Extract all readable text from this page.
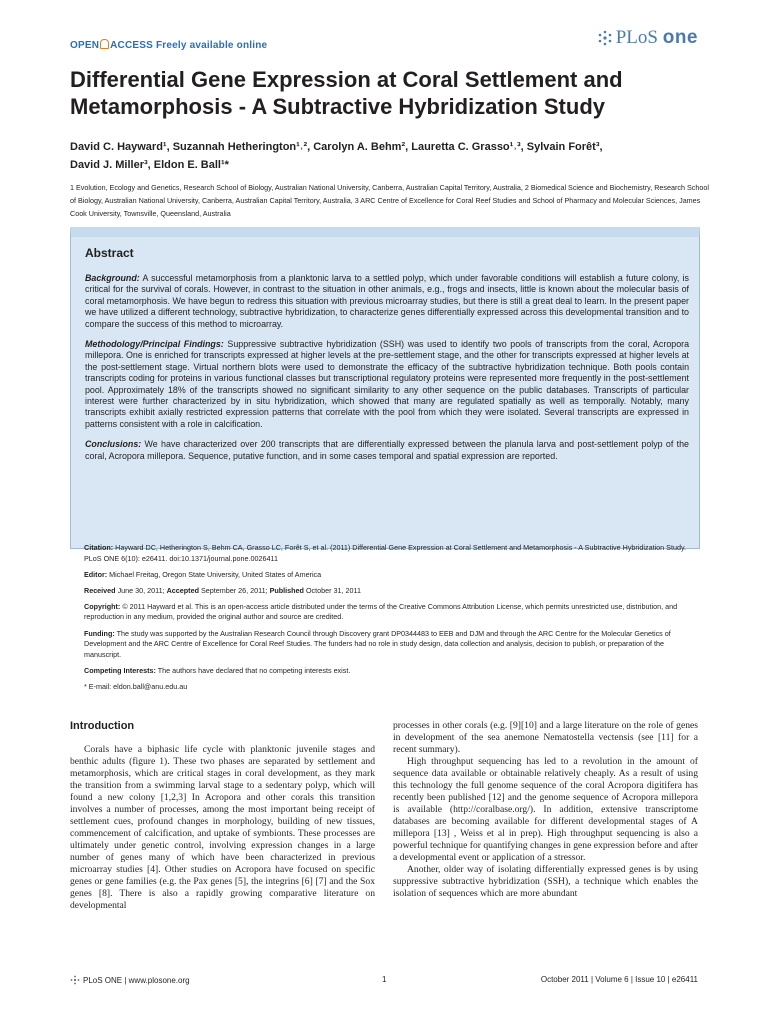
OPEN ACCESS Freely available online	PLoS one
Differential Gene Expression at Coral Settlement and Metamorphosis - A Subtractive Hybridization Study
David C. Hayward¹, Suzannah Hetherington¹˒², Carolyn A. Behm², Lauretta C. Grasso¹˒³, Sylvain Forêt³,
David J. Miller³, Eldon E. Ball¹*
1 Evolution, Ecology and Genetics, Research School of Biology, Australian National University, Canberra, Australian Capital Territory, Australia, 2 Biomedical Science and Biochemistry, Research School of Biology, Australian National University, Canberra, Australian Capital Territory, Australia, 3 ARC Centre of Excellence for Coral Reef Studies and School of Pharmacy and Molecular Sciences, James Cook University, Townsville, Queensland, Australia
Abstract

Background: A successful metamorphosis from a planktonic larva to a settled polyp, which under favorable conditions will establish a future colony, is critical for the survival of corals. However, in contrast to the situation in other animals, e.g., frogs and insects, little is known about the molecular basis of coral metamorphosis. We have begun to redress this situation with previous microarray studies, but there is still a great deal to learn. In the present paper we have utilized a different technology, subtractive hybridization, to characterize genes differentially expressed across this developmental transition and to compare the success of this method to microarray.

Methodology/Principal Findings: Suppressive subtractive hybridization (SSH) was used to identify two pools of transcripts from the coral, Acropora millepora. One is enriched for transcripts expressed at higher levels at the pre-settlement stage, and the other for transcripts expressed at higher levels at the post-settlement stage. Virtual northern blots were used to demonstrate the efficacy of the subtractive hybridization technique. Both pools contain transcripts coding for proteins in various functional classes but transcriptional regulatory proteins were represented more frequently in the post-settlement pool. Approximately 18% of the transcripts showed no significant similarity to any other sequence on the public databases. Transcripts of particular interest were further characterized by in situ hybridization, which showed that many are regulated spatially as well as temporally. Notably, many transcripts exhibit axially restricted expression patterns that correlate with the pool from which they were isolated. Several transcripts are expressed in patterns consistent with a role in calcification.

Conclusions: We have characterized over 200 transcripts that are differentially expressed between the planula larva and post-settlement polyp of the coral, Acropora millepora. Sequence, putative function, and in some cases temporal and spatial expression are reported.

Citation: Hayward DC, Hetherington S, Behm CA, Grasso LC, Forêt S, et al. (2011) Differential Gene Expression at Coral Settlement and Metamorphosis - A Subtractive Hybridization Study. PLoS ONE 6(10): e26411. doi:10.1371/journal.pone.0026411

Editor: Michael Freitag, Oregon State University, United States of America

Received June 30, 2011; Accepted September 26, 2011; Published October 31, 2011

Copyright: © 2011 Hayward et al. This is an open-access article distributed under the terms of the Creative Commons Attribution License, which permits unrestricted use, distribution, and reproduction in any medium, provided the original author and source are credited.

Funding: The study was supported by the Australian Research Council through Discovery grant DP0344483 to EEB and DJM and through the ARC Centre for the Molecular Genetics of Development and the ARC Centre of Excellence for Coral Reef Studies. The funders had no role in study design, data collection and analysis, decision to publish, or preparation of the manuscript.

Competing Interests: The authors have declared that no competing interests exist.

* E-mail: eldon.ball@anu.edu.au

Introduction

Corals have a biphasic life cycle with planktonic juvenile stages and benthic adults (figure 1). These two phases are separated by settlement and metamorphosis, which are critical stages in coral development, as they mark the transition from a swimming larval stage to a sedentary polyp, which will found a new colony [1,2,3] In Acropora and other corals this transition involves a number of processes, among the most important being receipt of settlement cues, profound changes in morphology, building of new tissues, commencement of calcification, and uptake of symbionts. These processes are ultimately under genetic control, involving expression changes in a large number of genes many of which have been characterized in previous microarray studies [4]. Other studies on Acropora have focused on specific genes or gene families (e.g. the Pax genes [5], the integrins [6] [7] and the Sox genes [8]. There is also a rapidly growing comparative literature on developmental

processes in other corals (e.g. [9][10] and a large literature on the role of genes in development of the sea anemone Nematostella vectensis (see [11] for a recent summary).

High throughput sequencing has led to a revolution in the amount of sequence data available or obtainable relatively cheaply. As a result of using this technology the full genome sequence of the coral Acropora digitifera has recently been published [12] and the genome sequence of Acropora millepora is available (http://coralbase.org/). In addition, extensive transcriptome databases are becoming available for different developmental stages of A millepora [13] , Weiss et al in prep). High throughput sequencing is also a powerful technique for quantifying changes in gene expression before and after a developmental event or application of a stressor.

Another, older way of isolating differentially expressed genes is by using suppressive subtractive hybridization (SSH), a technique which enables the isolation of sequences which are more abundant

PLoS ONE | www.plosone.org	1	October 2011 | Volume 6 | Issue 10 | e26411
